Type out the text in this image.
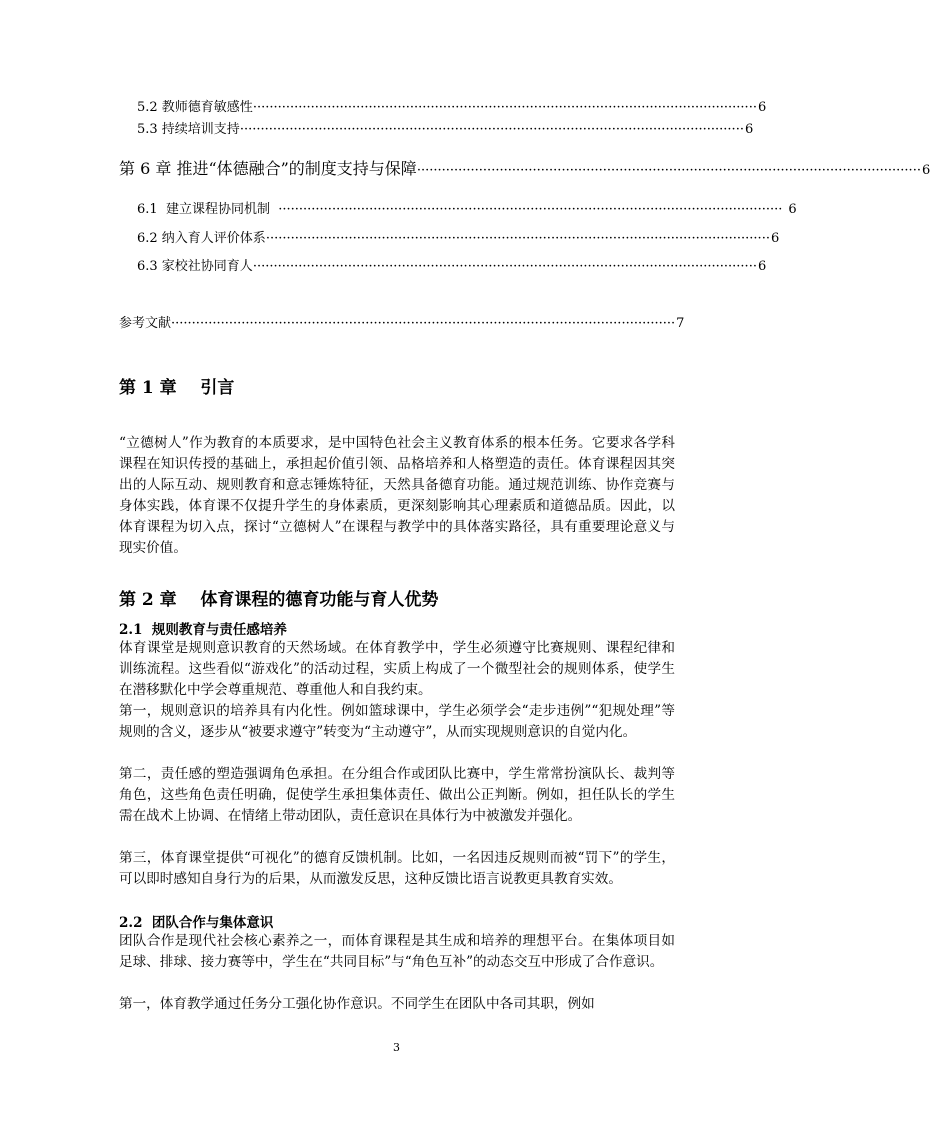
5.2 教师德育敏感性 ·························································································································· 6
5.3 持续培训支持 ·························································································································· 6
第 6 章 推进“体德融合”的制度支持与保障 ·························································································································· 6
6.1  建立课程协同机制 ·························································································································· 6
6.2 纳入育人评价体系 ·························································································································· 6
6.3 家校社协同育人 ·························································································································· 6
参考文献 ·························································································································· 7
第 1 章    引言

“立德树人”作为教育的本质要求，是中国特色社会主义教育体系的根本任务。它要求各学科课程在知识传授的基础上，承担起价值引领、品格培养和人格塑造的责任。体育课程因其突出的人际互动、规则教育和意志锤炼特征，天然具备德育功能。通过规范训练、协作竞赛与身体实践，体育课不仅提升学生的身体素质，更深刻影响其心理素质和道德品质。因此，以体育课程为切入点，探讨“立德树人”在课程与教学中的具体落实路径，具有重要理论意义与现实价值。

第 2 章    体育课程的德育功能与育人优势
2.1  规则教育与责任感培养

体育课堂是规则意识教育的天然场域。在体育教学中，学生必须遵守比赛规则、课程纪律和训练流程。这些看似“游戏化”的活动过程，实质上构成了一个微型社会的规则体系，使学生在潜移默化中学会尊重规范、尊重他人和自我约束。

第一，规则意识的培养具有内化性。例如篮球课中，学生必须学会“走步违例”“犯规处理”等规则的含义，逐步从“被要求遵守”转变为“主动遵守”，从而实现规则意识的自觉内化。

第二，责任感的塑造强调角色承担。在分组合作或团队比赛中，学生常常扮演队长、裁判等角色，这些角色责任明确，促使学生承担集体责任、做出公正判断。例如，担任队长的学生需在战术上协调、在情绪上带动团队，责任意识在具体行为中被激发并强化。

第三，体育课堂提供“可视化”的德育反馈机制。比如，一名因违反规则而被“罚下”的学生，可以即时感知自身行为的后果，从而激发反思，这种反馈比语言说教更具教育实效。

2.2  团队合作与集体意识

团队合作是现代社会核心素养之一，而体育课程是其生成和培养的理想平台。在集体项目如足球、排球、接力赛等中，学生在“共同目标”与“角色互补”的动态交互中形成了合作意识。

第一，体育教学通过任务分工强化协作意识。不同学生在团队中各司其职，例如

3
